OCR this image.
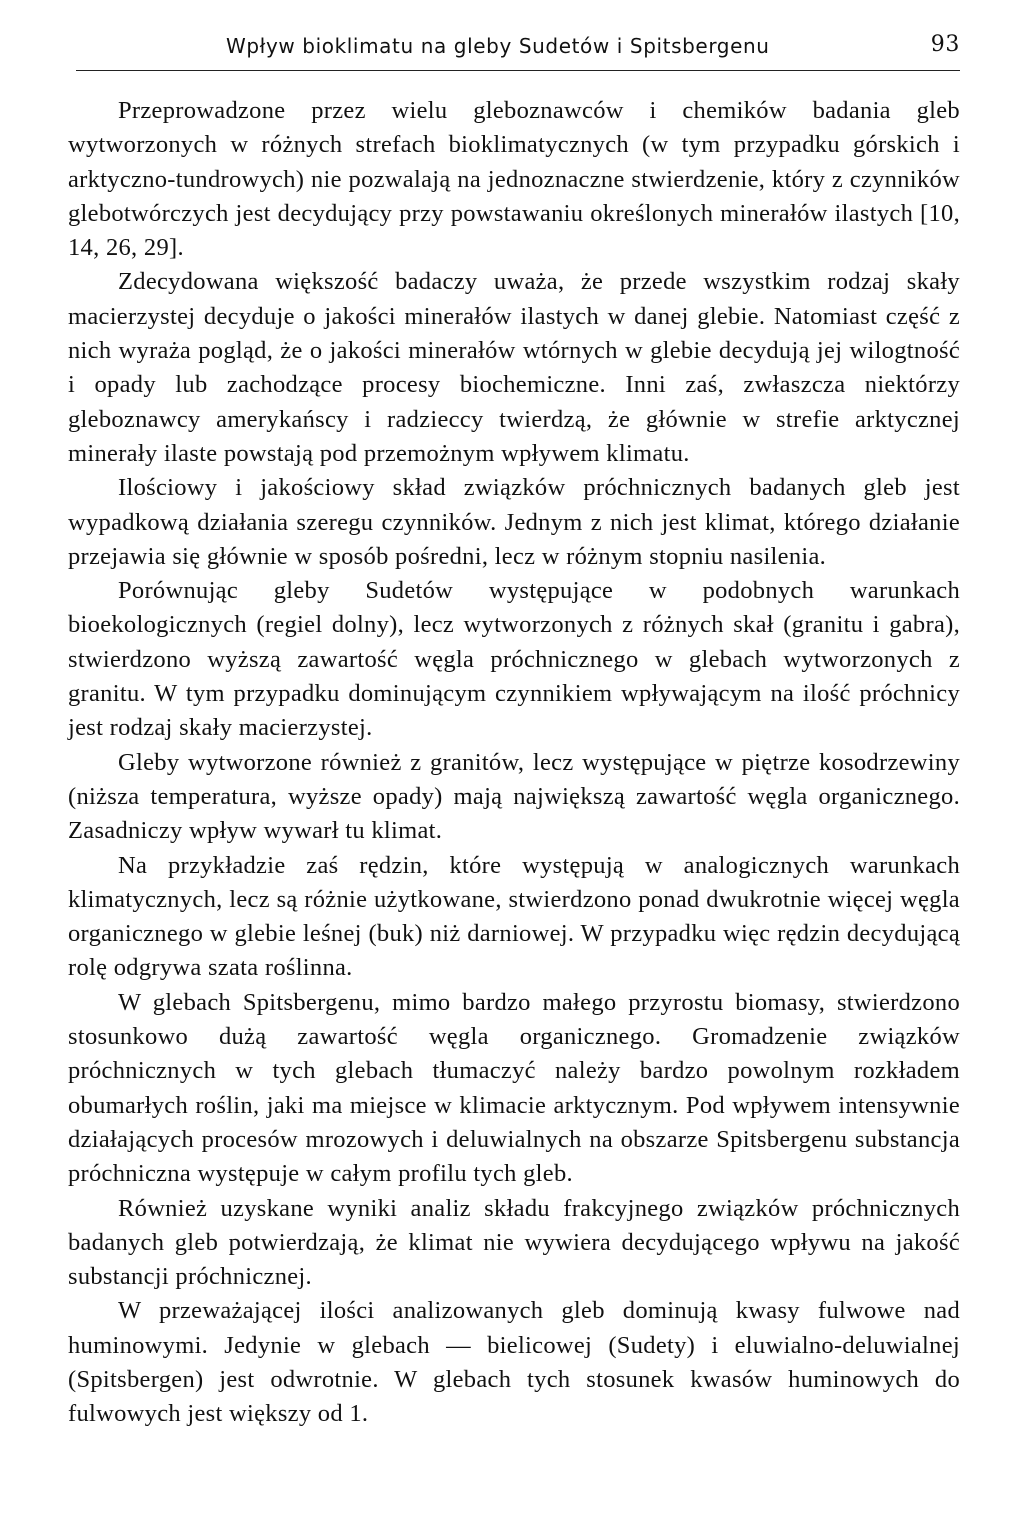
Wpływ bioklimatu na gleby Sudetów i Spitsbergenu	93

Przeprowadzone przez wielu gleboznawców i chemików badania gleb wytworzonych w różnych strefach bioklimatycznych (w tym przypadku górskich i arktyczno-tundrowych) nie pozwalają na jednoznaczne stwierdzenie, który z czynników glebotwórczych jest decydujący przy powstawaniu określonych minerałów ilastych [10, 14, 26, 29].

Zdecydowana większość badaczy uważa, że przede wszystkim rodzaj skały macierzystej decyduje o jakości minerałów ilastych w danej glebie. Natomiast część z nich wyraża pogląd, że o jakości minerałów wtórnych w glebie decydują jej wilogtność i opady lub zachodzące procesy biochemiczne. Inni zaś, zwłaszcza niektórzy gleboznawcy amerykańscy i radzieccy twierdzą, że głównie w strefie arktycznej minerały ilaste powstają pod przemożnym wpływem klimatu.

Ilościowy i jakościowy skład związków próchnicznych badanych gleb jest wypadkową działania szeregu czynników. Jednym z nich jest klimat, którego działanie przejawia się głównie w sposób pośredni, lecz w różnym stopniu nasilenia.

Porównując gleby Sudetów występujące w podobnych warunkach bioekologicznych (regiel dolny), lecz wytworzonych z różnych skał (granitu i gabra), stwierdzono wyższą zawartość węgla próchnicznego w glebach wytworzonych z granitu. W tym przypadku dominującym czynnikiem wpływającym na ilość próchnicy jest rodzaj skały macierzystej.

Gleby wytworzone również z granitów, lecz występujące w piętrze kosodrzewiny (niższa temperatura, wyższe opady) mają największą zawartość węgla organicznego. Zasadniczy wpływ wywarł tu klimat.

Na przykładzie zaś rędzin, które występują w analogicznych warunkach klimatycznych, lecz są różnie użytkowane, stwierdzono ponad dwukrotnie więcej węgla organicznego w glebie leśnej (buk) niż darniowej. W przypadku więc rędzin decydującą rolę odgrywa szata roślinna.

W glebach Spitsbergenu, mimo bardzo małego przyrostu biomasy, stwierdzono stosunkowo dużą zawartość węgla organicznego. Gromadzenie związków próchnicznych w tych glebach tłumaczyć należy bardzo powolnym rozkładem obumarłych roślin, jaki ma miejsce w klimacie arktycznym. Pod wpływem intensywnie działających procesów mrozowych i deluwialnych na obszarze Spitsbergenu substancja próchniczna występuje w całym profilu tych gleb.

Również uzyskane wyniki analiz składu frakcyjnego związków próchnicznych badanych gleb potwierdzają, że klimat nie wywiera decydującego wpływu na jakość substancji próchnicznej.

W przeważającej ilości analizowanych gleb dominują kwasy fulwowe nad huminowymi. Jedynie w glebach — bielicowej (Sudety) i eluwialno-deluwialnej (Spitsbergen) jest odwrotnie. W glebach tych stosunek kwasów huminowych do fulwowych jest większy od 1.
